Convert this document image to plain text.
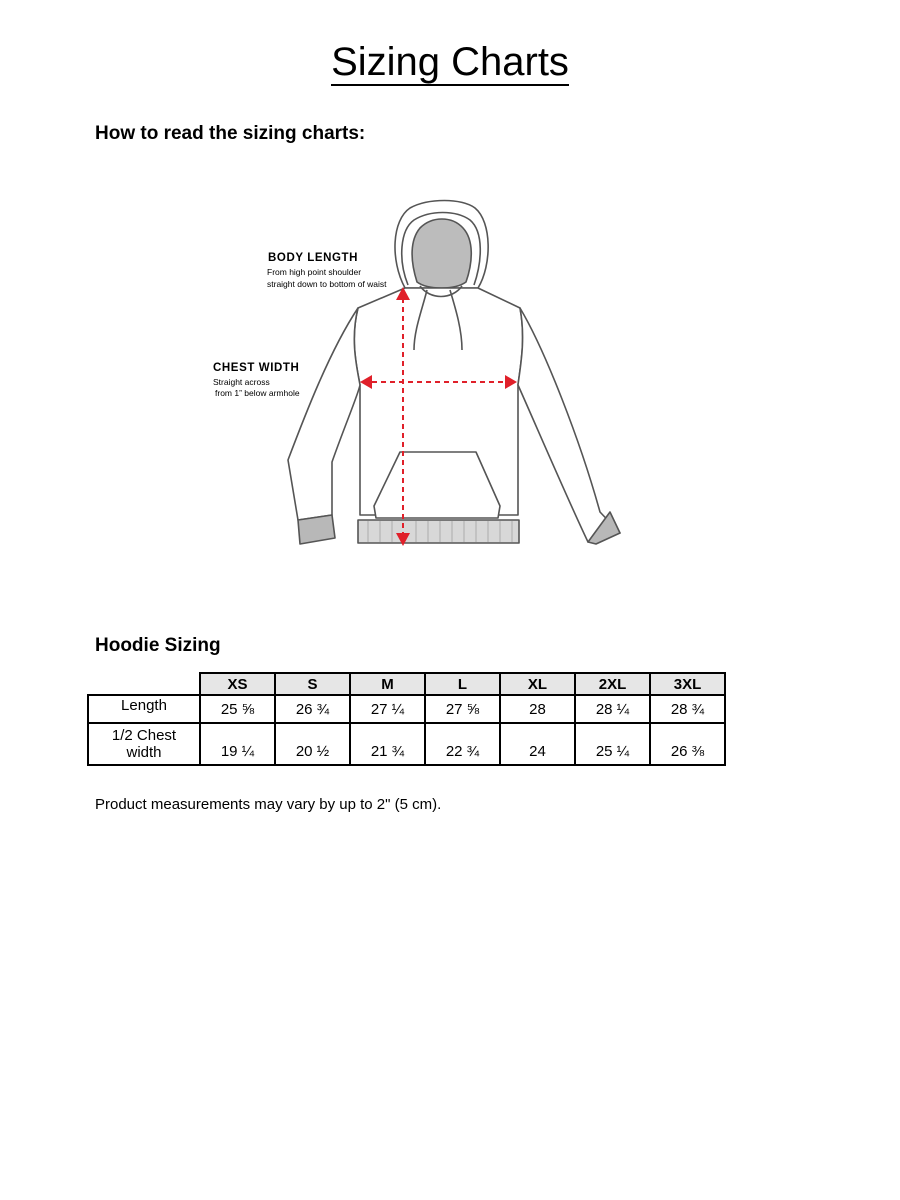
Sizing Charts
How to read the sizing charts:
BODY LENGTH
From high point shoulder
straight down to bottom of waist
CHEST WIDTH
Straight across
from 1” below armhole
Hoodie Sizing
	XS	S	M	L	XL	2XL	3XL
Length	25 ⅝	26 ¾	27 ¼	27 ⅝	28	28 ¼	28 ¾

1/2 Chest
width	19 ¼	20 ½	21 ¾	22 ¾	24	25 ¼	26 ⅜

Product measurements may vary by up to 2" (5 cm).
